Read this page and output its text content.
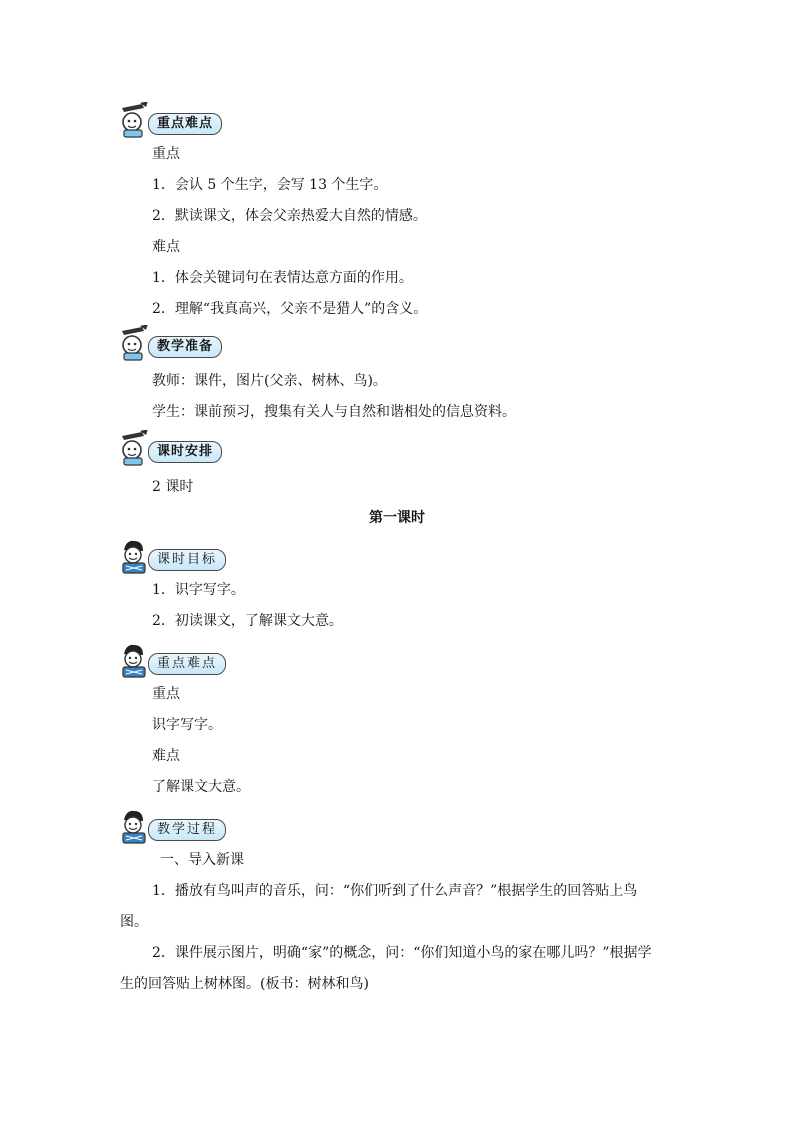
重点难点
重点
1．会认 5 个生字，会写 13 个生字。
2．默读课文，体会父亲热爱大自然的情感。
难点
1．体会关键词句在表情达意方面的作用。
2．理解“我真高兴，父亲不是猎人”的含义。
教学准备
教师：课件，图片(父亲、树林、鸟)。
学生：课前预习，搜集有关人与自然和谐相处的信息资料。
课时安排
2 课时
第一课时
课时目标
1．识字写字。
2．初读课文，了解课文大意。
重点难点
重点
识字写字。
难点
了解课文大意。
教学过程
一、导入新课
1．播放有鸟叫声的音乐，问：“你们听到了什么声音？”根据学生的回答贴上鸟图。
2．课件展示图片，明确“家”的概念，问：“你们知道小鸟的家在哪儿吗？”根据学生的回答贴上树林图。(板书：树林和鸟)
